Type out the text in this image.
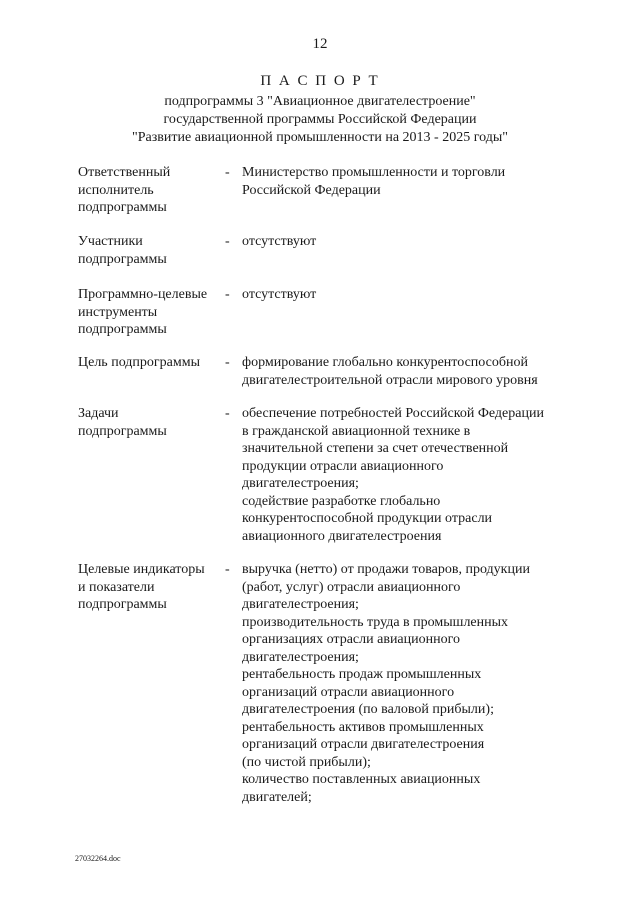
12
П А С П О Р Т
подпрограммы 3 "Авиационное двигателестроение"
государственной программы Российской Федерации
"Развитие авиационной промышленности на 2013 - 2025 годы"
Ответственный
исполнитель
подпрограммы
- Министерство промышленности и торговли
Российской Федерации
Участники
подпрограммы
- отсутствуют
Программно-целевые
инструменты
подпрограммы
- отсутствуют
Цель подпрограммы	- формирование глобально конкурентоспособной
двигателестроительной отрасли мирового уровня
Задачи
подпрограммы
- обеспечение потребностей Российской Федерации
в гражданской авиационной технике в
значительной степени за счет отечественной
продукции отрасли авиационного
двигателестроения;
содействие разработке глобально
конкурентоспособной продукции отрасли
авиационного двигателестроения
Целевые индикаторы
и показатели
подпрограммы
- выручка (нетто) от продажи товаров, продукции
(работ, услуг) отрасли авиационного
двигателестроения;
производительность труда в промышленных
организациях отрасли авиационного
двигателестроения;
рентабельность продаж промышленных
организаций отрасли авиационного
двигателестроения (по валовой прибыли);
рентабельность активов промышленных
организаций отрасли двигателестроения
(по чистой прибыли);
количество поставленных авиационных
двигателей;
27032264.doc
